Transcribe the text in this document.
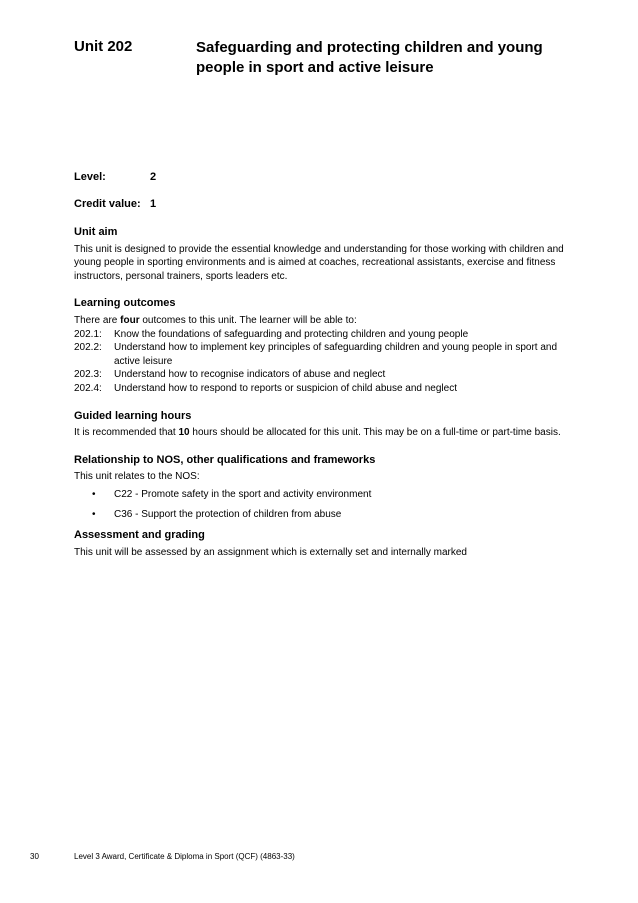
Unit 202	Safeguarding and protecting children and young people in sport and active leisure
Level:	2
Credit value: 1
Unit aim

This unit is designed to provide the essential knowledge and understanding for those working with children and young people in sporting environments and is aimed at coaches, recreational assistants, exercise and fitness instructors, personal trainers, sports leaders etc.

Learning outcomes

There are four outcomes to this unit. The learner will be able to:

202.1:	Know the foundations of safeguarding and protecting children and young people
202.2:	Understand how to implement key principles of safeguarding children and young people in sport and active leisure
202.3:	Understand how to recognise indicators of abuse and neglect
202.4:	Understand how to respond to reports or suspicion of child abuse and neglect
Guided learning hours

It is recommended that 10 hours should be allocated for this unit. This may be on a full-time or part-time basis.

Relationship to NOS, other qualifications and frameworks

This unit relates to the NOS:

•	C22 - Promote safety in the sport and activity environment
•	C36 - Support the protection of children from abuse
Assessment and grading

This unit will be assessed by an assignment which is externally set and internally marked

30	Level 3 Award, Certificate & Diploma in Sport (QCF) (4863-33)
